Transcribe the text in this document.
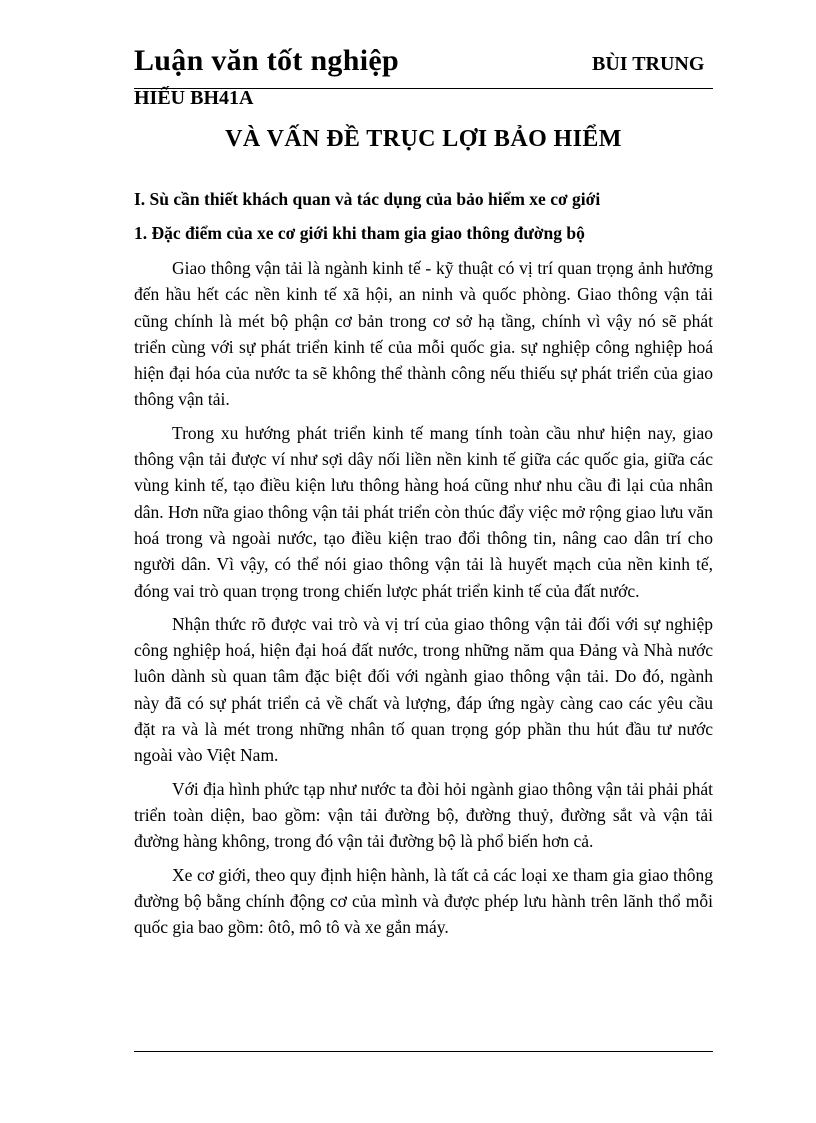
Luận văn tốt nghiệp	BÙI TRUNG
HIẾU BH41A
VÀ VẤN ĐỀ TRỤC LỢI BẢO HIỂM
I. Sù cần thiết khách quan và tác dụng của bảo hiểm xe cơ giới
1. Đặc điểm của xe cơ giới khi tham gia giao thông đường bộ

Giao thông vận tải là ngành kinh tế - kỹ thuật có vị trí quan trọng ảnh hưởng đến hầu hết các nền kinh tế xã hội, an ninh và quốc phòng. Giao thông vận tải cũng chính là mét bộ phận cơ bản trong cơ sở hạ tầng, chính vì vậy nó sẽ phát triển cùng với sự phát triển kinh tế của mỗi quốc gia. sự nghiệp công nghiệp hoá hiện đại hóa của nước ta sẽ không thể thành công nếu thiếu sự phát triển của giao thông vận tải.

Trong xu hướng phát triển kinh tế mang tính toàn cầu như hiện nay, giao thông vận tải được ví như sợi dây nối liền nền kinh tế giữa các quốc gia, giữa các vùng kinh tế, tạo điều kiện lưu thông hàng hoá cũng như nhu cầu đi lại của nhân dân. Hơn nữa giao thông vận tải phát triển còn thúc đẩy việc mở rộng giao lưu văn hoá trong và ngoài nước, tạo điều kiện trao đổi thông tin, nâng cao dân trí cho người dân. Vì vậy, có thể nói giao thông vận tải là huyết mạch của nền kinh tế, đóng vai trò quan trọng trong chiến lược phát triển kinh tế của đất nước.

Nhận thức rõ được vai trò và vị trí của giao thông vận tải đối với sự nghiệp công nghiệp hoá, hiện đại hoá đất nước, trong những năm qua Đảng và Nhà nước luôn dành sù quan tâm đặc biệt đối với ngành giao thông vận tải. Do đó, ngành này đã có sự phát triển cả về chất và lượng, đáp ứng ngày càng cao các yêu cầu đặt ra và là mét trong những nhân tố quan trọng góp phần thu hút đầu tư nước ngoài vào Việt Nam.

Với địa hình phức tạp như nước ta đòi hỏi ngành giao thông vận tải phải phát triển toàn diện, bao gồm: vận tải đường bộ, đường thuỷ, đường sắt và vận tải đường hàng không, trong đó vận tải đường bộ là phổ biến hơn cả.

Xe cơ giới, theo quy định hiện hành, là tất cả các loại xe tham gia giao thông đường bộ bằng chính động cơ của mình và được phép lưu hành trên lãnh thổ mỗi quốc gia bao gồm: ôtô, mô tô và xe gắn máy.
